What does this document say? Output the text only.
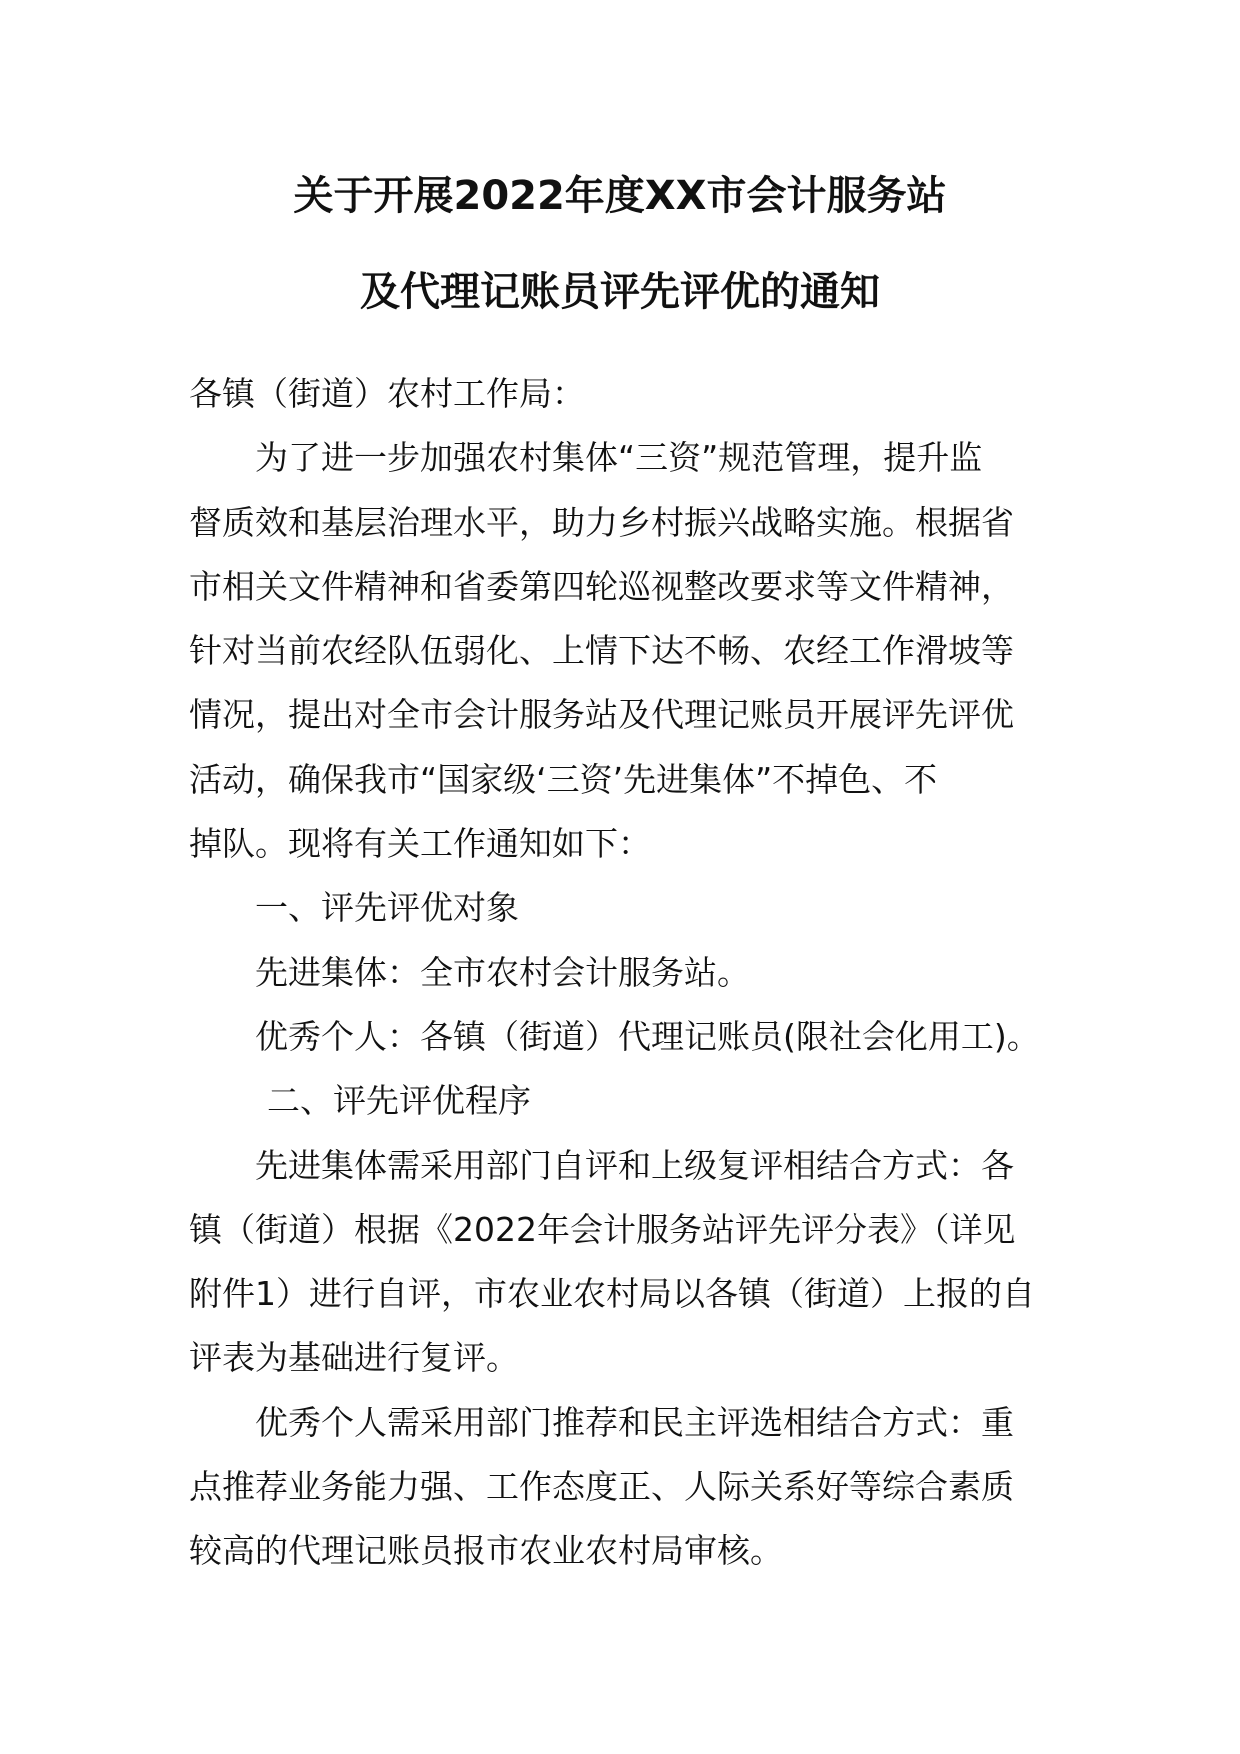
关于开展2022年度XX市会计服务站
及代理记账员评先评优的通知

各镇（街道）农村工作局：

为了进一步加强农村集体“三资”规范管理，提升监

督质效和基层治理水平，助力乡村振兴战略实施。根据省

市相关文件精神和省委第四轮巡视整改要求等文件精神，

针对当前农经队伍弱化、上情下达不畅、农经工作滑坡等

情况，提出对全市会计服务站及代理记账员开展评先评优

活动，确保我市“国家级‘三资’先进集体”不掉色、不

掉队。现将有关工作通知如下：

一、评先评优对象

先进集体：全市农村会计服务站。

优秀个人：各镇（街道）代理记账员(限社会化用工)。

二、评先评优程序

先进集体需采用部门自评和上级复评相结合方式：各

镇（街道）根据《2022年会计服务站评先评分表》（详见

附件1）进行自评，市农业农村局以各镇（街道）上报的自

评表为基础进行复评。

优秀个人需采用部门推荐和民主评选相结合方式：重

点推荐业务能力强、工作态度正、人际关系好等综合素质

较高的代理记账员报市农业农村局审核。
